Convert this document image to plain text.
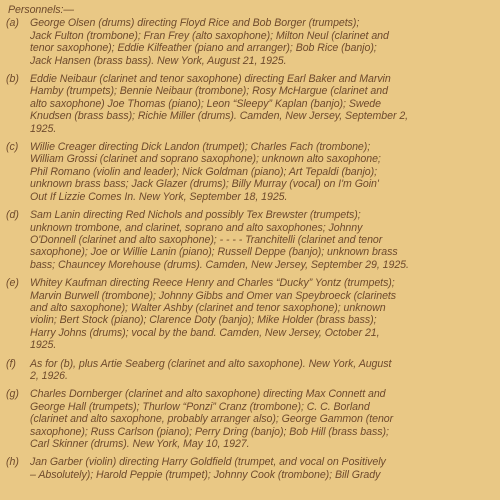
Personnels:—
(a)	George Olsen (drums) directing Floyd Rice and Bob Borger (trumpets);
Jack Fulton (trombone); Fran Frey (alto saxophone); Milton Neul (clarinet and
tenor saxophone); Eddie Kilfeather (piano and arranger); Bob Rice (banjo);
Jack Hansen (brass bass). New York, August 21, 1925.
(b)	Eddie Neibaur (clarinet and tenor saxophone) directing Earl Baker and Marvin
Hamby (trumpets); Bennie Neibaur (trombone); Rosy McHargue (clarinet and
alto saxophone) Joe Thomas (piano); Leon “Sleepy” Kaplan (banjo); Swede
Knudsen (brass bass); Richie Miller (drums). Camden, New Jersey, September 2,
1925.
(c)	Willie Creager directing Dick Landon (trumpet); Charles Fach (trombone);
William Grossi (clarinet and soprano saxophone); unknown alto saxophone;
Phil Romano (violin and leader); Nick Goldman (piano); Art Tepaldi (banjo);
unknown brass bass; Jack Glazer (drums); Billy Murray (vocal) on I'm Goin'
Out If Lizzie Comes In. New York, September 18, 1925.
(d)	Sam Lanin directing Red Nichols and possibly Tex Brewster (trumpets);
unknown trombone, and clarinet, soprano and alto saxophones; Johnny
O'Donnell (clarinet and alto saxophone); - - - - Tranchitelli (clarinet and tenor
saxophone); Joe or Willie Lanin (piano); Russell Deppe (banjo); unknown brass
bass; Chauncey Morehouse (drums). Camden, New Jersey, September 29, 1925.
(e)	Whitey Kaufman directing Reece Henry and Charles “Ducky” Yontz (trumpets);
Marvin Burwell (trombone); Johnny Gibbs and Omer van Speybroeck (clarinets
and alto saxophone); Walter Ashby (clarinet and tenor saxophone); unknown
violin; Bert Stock (piano); Clarence Doty (banjo); Mike Holder (brass bass);
Harry Johns (drums); vocal by the band. Camden, New Jersey, October 21,
1925.
(f)	As for (b), plus Artie Seaberg (clarinet and alto saxophone). New York, August
2, 1926.
(g)	Charles Dornberger (clarinet and alto saxophone) directing Max Connett and
George Hall (trumpets); Thurlow “Ponzi” Cranz (trombone); C. C. Borland
(clarinet and alto saxophone, probably arranger also); George Gammon (tenor
saxophone); Russ Carlson (piano); Perry Dring (banjo); Bob Hill (brass bass);
Carl Skinner (drums). New York, May 10, 1927.
(h)	Jan Garber (violin) directing Harry Goldfield (trumpet, and vocal on Positively
– Absolutely); Harold Peppie (trumpet); Johnny Cook (trombone); Bill Grady
